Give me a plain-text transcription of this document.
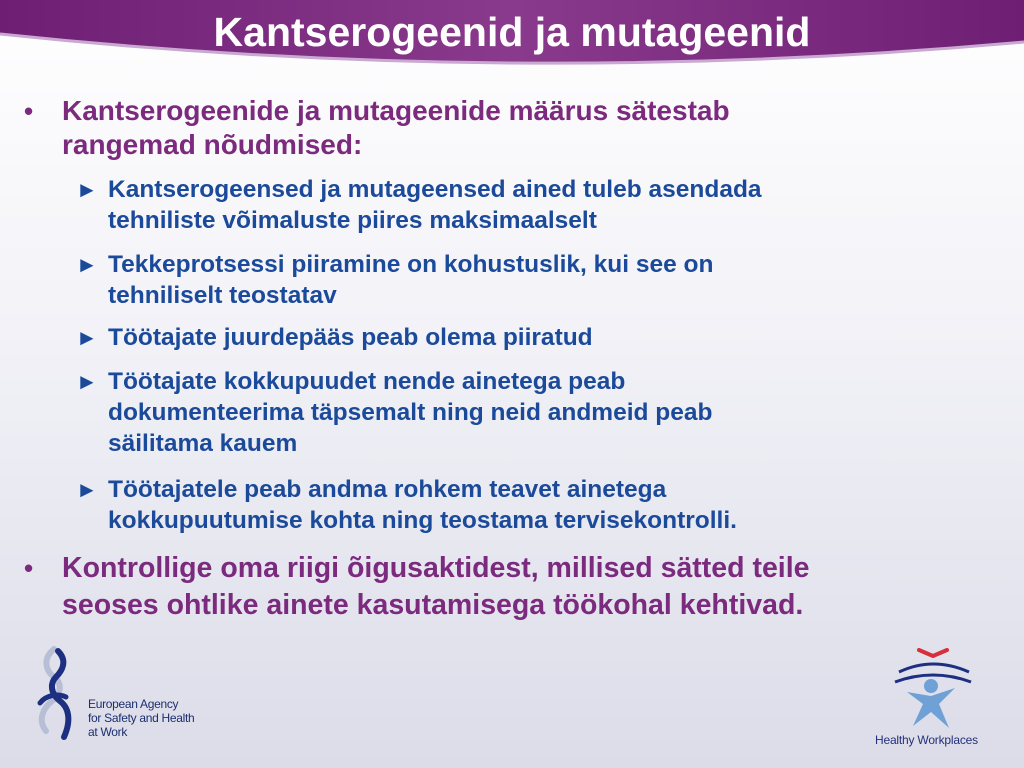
Kantserogeenid ja mutageenid

• Kantserogeenide ja mutageenide määrus sätestab
rangemad nõudmised:

► Kantserogeensed ja mutageensed ained tuleb asendada
tehniliste võimaluste piires maksimaalselt

► Tekkeprotsessi piiramine on kohustuslik, kui see on
tehniliselt teostatav

► Töötajate juurdepääs peab olema piiratud

► Töötajate kokkupuudet nende ainetega peab
dokumenteerima täpsemalt ning neid andmeid peab
säilitama kauem

► Töötajatele peab andma rohkem teavet ainetega
kokkupuutumise kohta ning teostama tervisekontrolli.

• Kontrollige oma riigi õigusaktidest, millised sätted teile
seoses ohtlike ainete kasutamisega töökohal kehtivad.

European Agency
for Safety and Health
at Work
Healthy Workplaces
